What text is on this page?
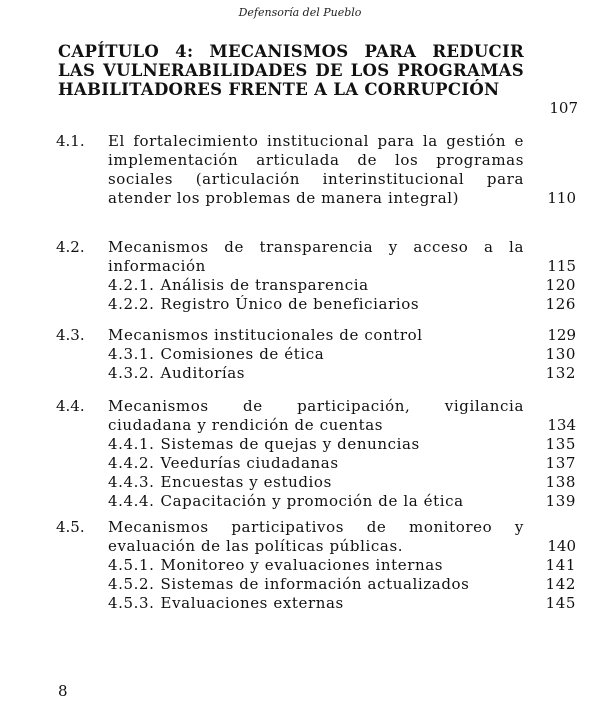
Defensoría del Pueblo
CAPÍTULO 4: MECANISMOS PARA REDUCIR LAS VULNERABILIDADES DE LOS PROGRAMAS HABILITADORES FRENTE A LA CORRUPCIÓN
107
4.1.	El fortalecimiento institucional para la gestión e implementación articulada de los programas sociales (articulación interinstitucional para atender los problemas de manera integral)	110
4.2.	Mecanismos de transparencia y acceso a la información	115
4.2.1. Análisis de transparencia	120
4.2.2. Registro Único de beneficiarios	126
4.3.	Mecanismos institucionales de control	129
4.3.1. Comisiones de ética	130
4.3.2. Auditorías	132
4.4.	Mecanismos de participación, vigilancia ciudadana y rendición de cuentas	134
4.4.1. Sistemas de quejas y denuncias	135
4.4.2. Veedurías ciudadanas	137
4.4.3. Encuestas y estudios	138
4.4.4. Capacitación y promoción de la ética	139
4.5.	Mecanismos participativos de monitoreo y evaluación de las políticas públicas.	140
4.5.1. Monitoreo y evaluaciones internas	141
4.5.2. Sistemas de información actualizados	142
4.5.3. Evaluaciones externas	145
8
